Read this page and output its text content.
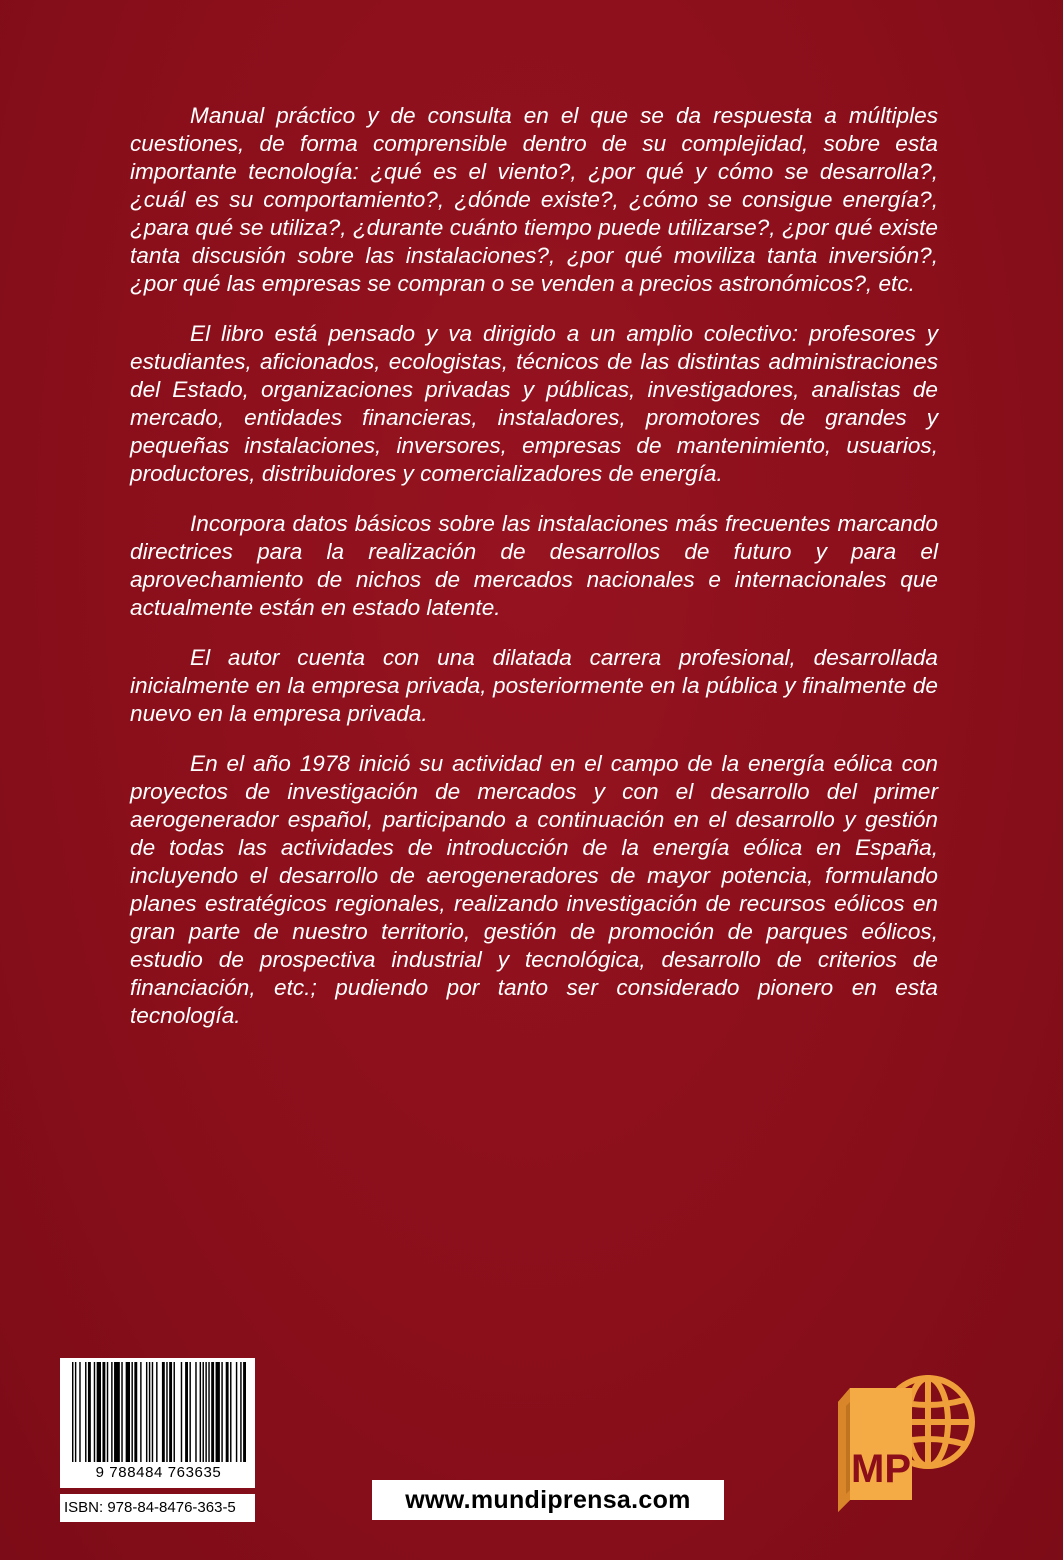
Manual práctico y de consulta en el que se da respuesta a múltiples cuestiones, de forma comprensible dentro de su complejidad, sobre esta importante tecnología: ¿qué es el viento?, ¿por qué y cómo se desarrolla?, ¿cuál es su comportamiento?, ¿dónde existe?, ¿cómo se consigue energía?, ¿para qué se utiliza?, ¿durante cuánto tiempo puede utilizarse?, ¿por qué existe tanta discusión sobre las instalaciones?, ¿por qué moviliza tanta inversión?, ¿por qué las empresas se compran o se venden a precios astronómicos?, etc.

El libro está pensado y va dirigido a un amplio colectivo: profesores y estudiantes, aficionados, ecologistas, técnicos de las distintas administraciones del Estado, organizaciones privadas y públicas, investigadores, analistas de mercado, entidades financieras, instaladores, promotores de grandes y pequeñas instalaciones, inversores, empresas de mantenimiento, usuarios, productores, distribuidores y comercializadores de energía.

Incorpora datos básicos sobre las instalaciones más frecuentes marcando directrices para la realización de desarrollos de futuro y para el aprovechamiento de nichos de mercados nacionales e internacionales que actualmente están en estado latente.

El autor cuenta con una dilatada carrera profesional, desarrollada inicialmente en la empresa privada, posteriormente en la pública y finalmente de nuevo en la empresa privada.

En el año 1978 inició su actividad en el campo de la energía eólica con proyectos de investigación de mercados y con el desarrollo del primer aerogenerador español, participando a continuación en el desarrollo y gestión de todas las actividades de introducción de la energía eólica en España, incluyendo el desarrollo de aerogeneradores de mayor potencia, formulando planes estratégicos regionales, realizando investigación de recursos eólicos en gran parte de nuestro territorio, gestión de promoción de parques eólicos, estudio de prospectiva industrial y tecnológica, desarrollo de criterios de financiación, etc.; pudiendo por tanto ser considerado pionero en esta tecnología.

9 788484 763635
ISBN: 978-84-8476-363-5	www.mundiprensa.com
MP
